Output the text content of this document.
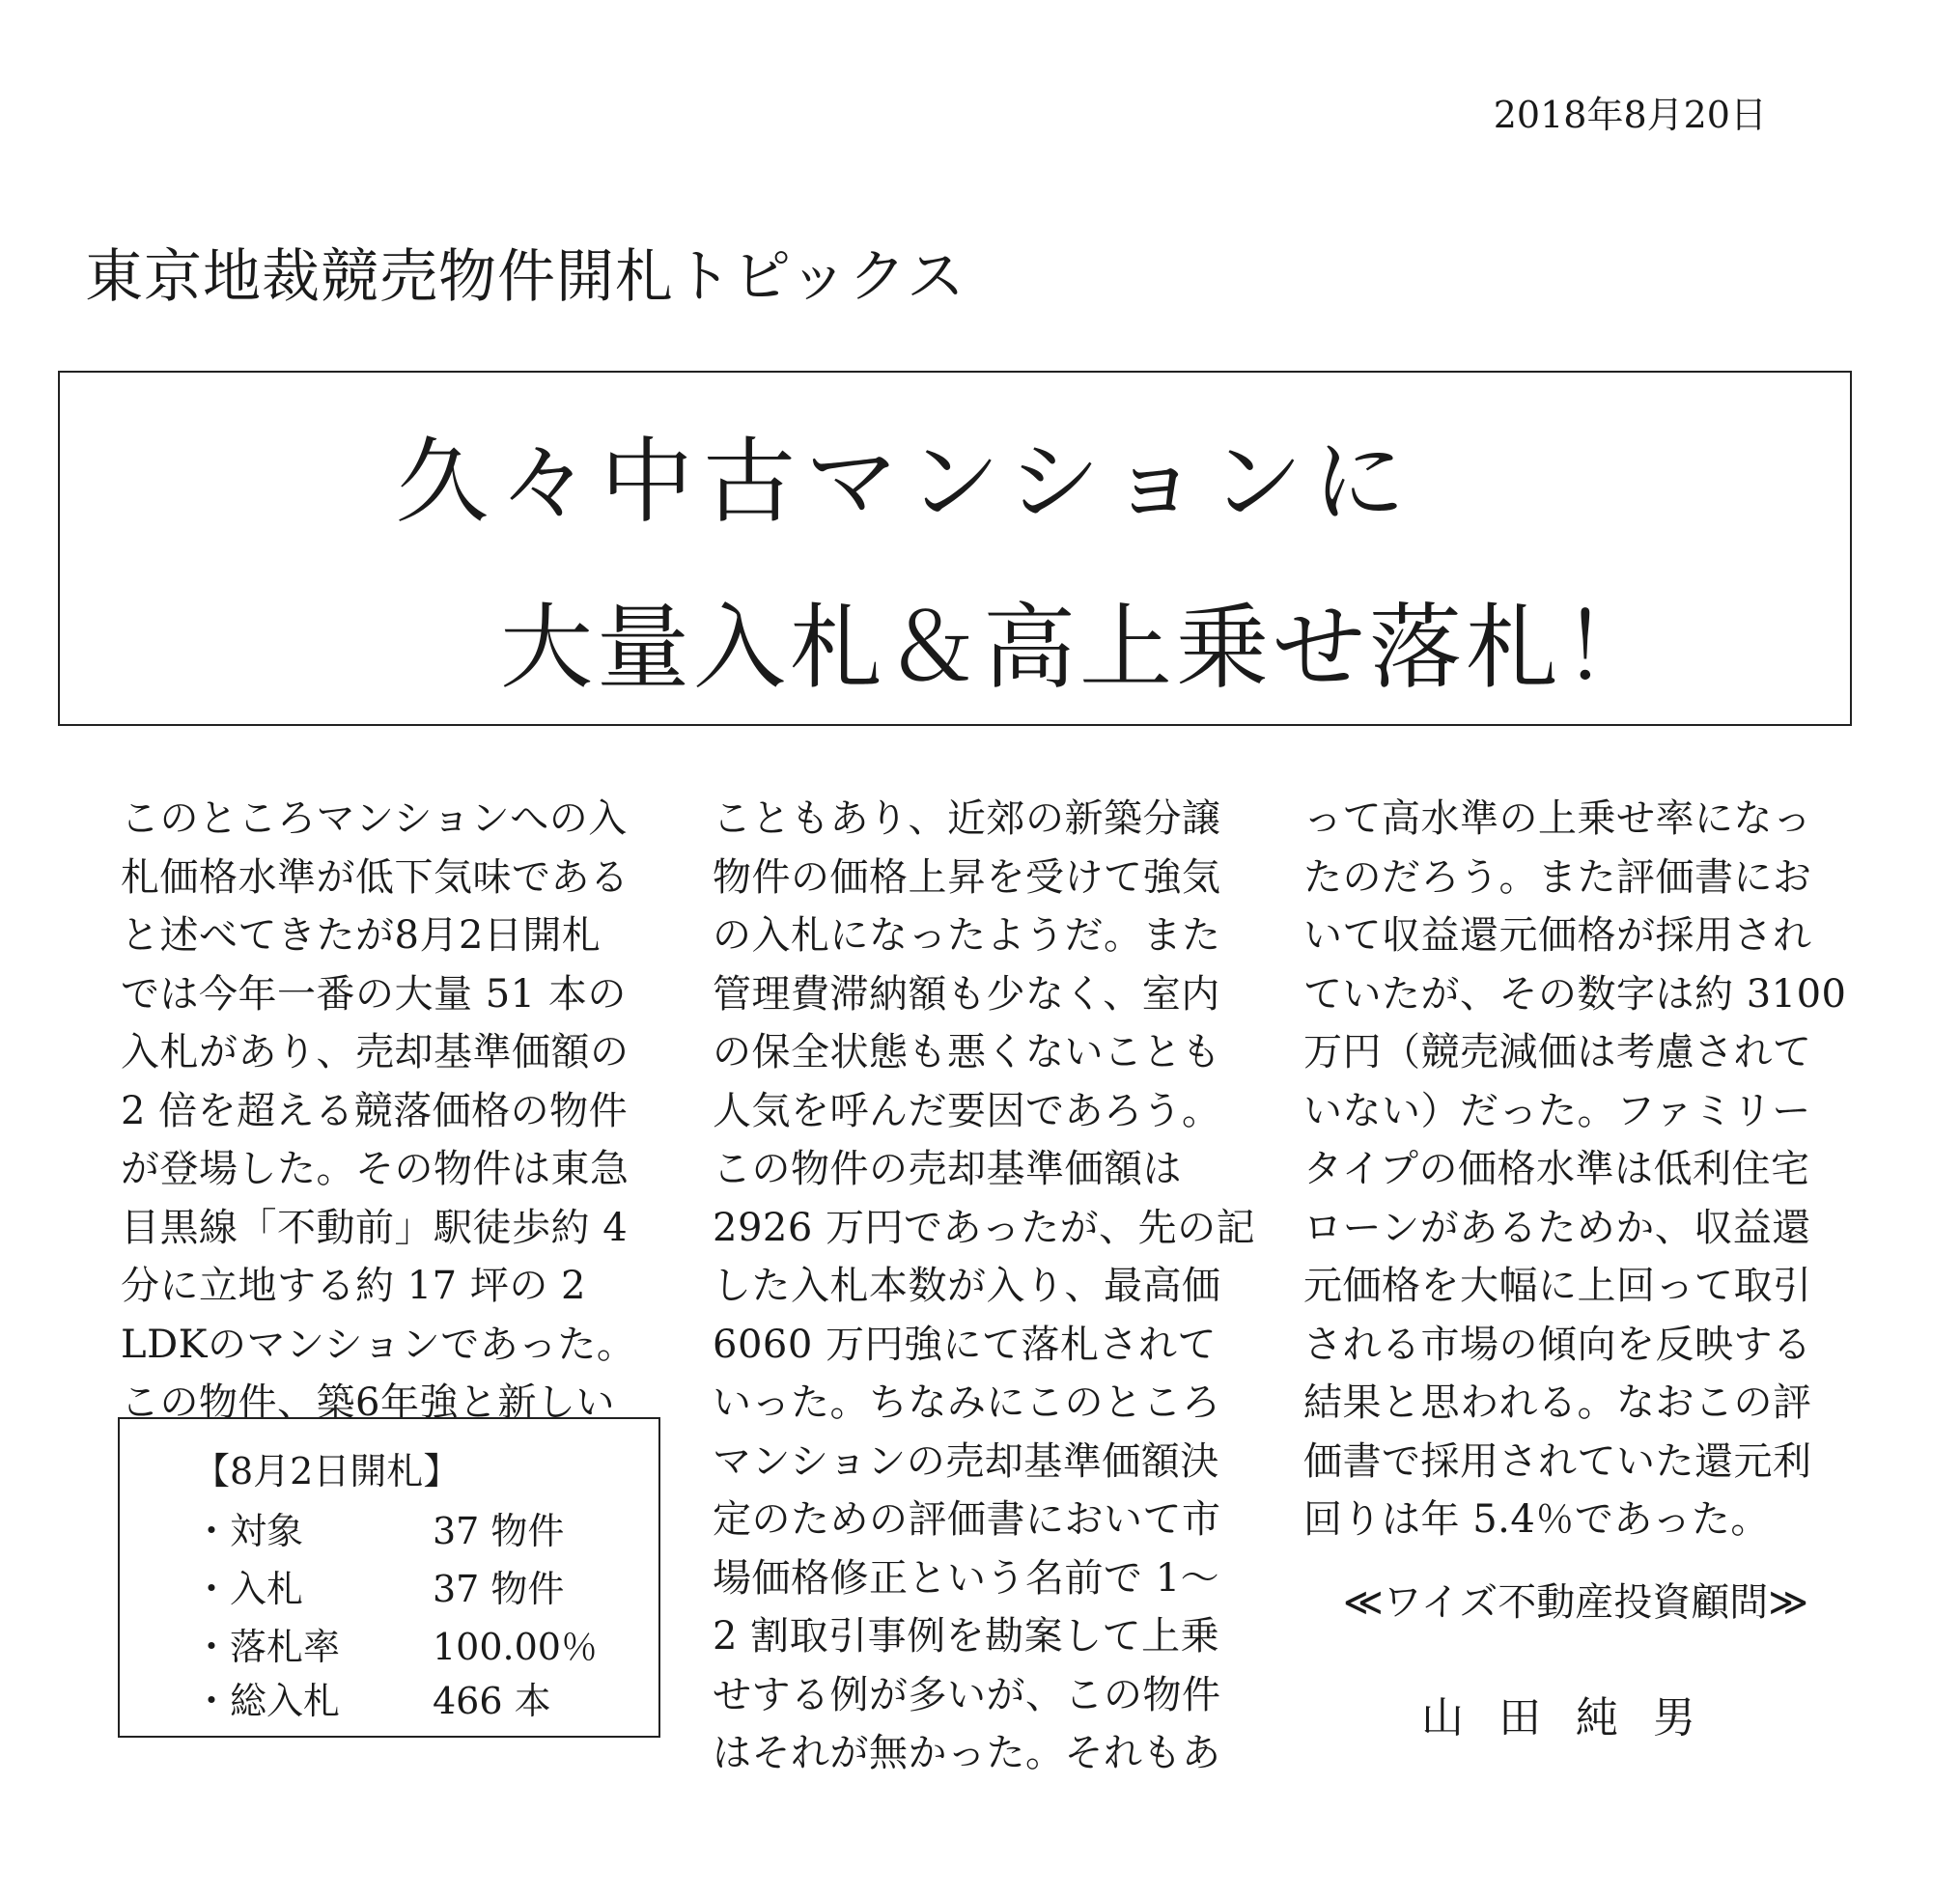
2018年8月20日
東京地裁競売物件開札トピックス
久々中古マンションに
大量入札＆高上乗せ落札！
このところマンションへの入
札価格水準が低下気味である
と述べてきたが8月2日開札
では今年一番の大量 51 本の
入札があり、売却基準価額の
2 倍を超える競落価格の物件
が登場した。その物件は東急
目黒線「不動前」駅徒歩約 4
分に立地する約 17 坪の 2
LDKのマンションであった。
この物件、築6年強と新しい
こともあり、近郊の新築分譲
物件の価格上昇を受けて強気
の入札になったようだ。また
管理費滞納額も少なく、室内
の保全状態も悪くないことも
人気を呼んだ要因であろう。
この物件の売却基準価額は
2926 万円であったが、先の記
した入札本数が入り、最高価
6060 万円強にて落札されて
いった。ちなみにこのところ
マンションの売却基準価額決
定のための評価書において市
場価格修正という名前で 1～
2 割取引事例を勘案して上乗
せする例が多いが、この物件
はそれが無かった。それもあ
って高水準の上乗せ率になっ
たのだろう。また評価書にお
いて収益還元価格が採用され
ていたが、その数字は約 3100
万円（競売減価は考慮されて
いない）だった。ファミリー
タイプの価格水準は低利住宅
ローンがあるためか、収益還
元価格を大幅に上回って取引
される市場の傾向を反映する
結果と思われる。なおこの評
価書で採用されていた還元利
回りは年 5.4％であった。
【8月2日開札】
・対象	37 物件
・入札	37 物件
・落札率	100.00％
・総入札	466 本
≪ワイズ不動産投資顧問≫
山田純男
